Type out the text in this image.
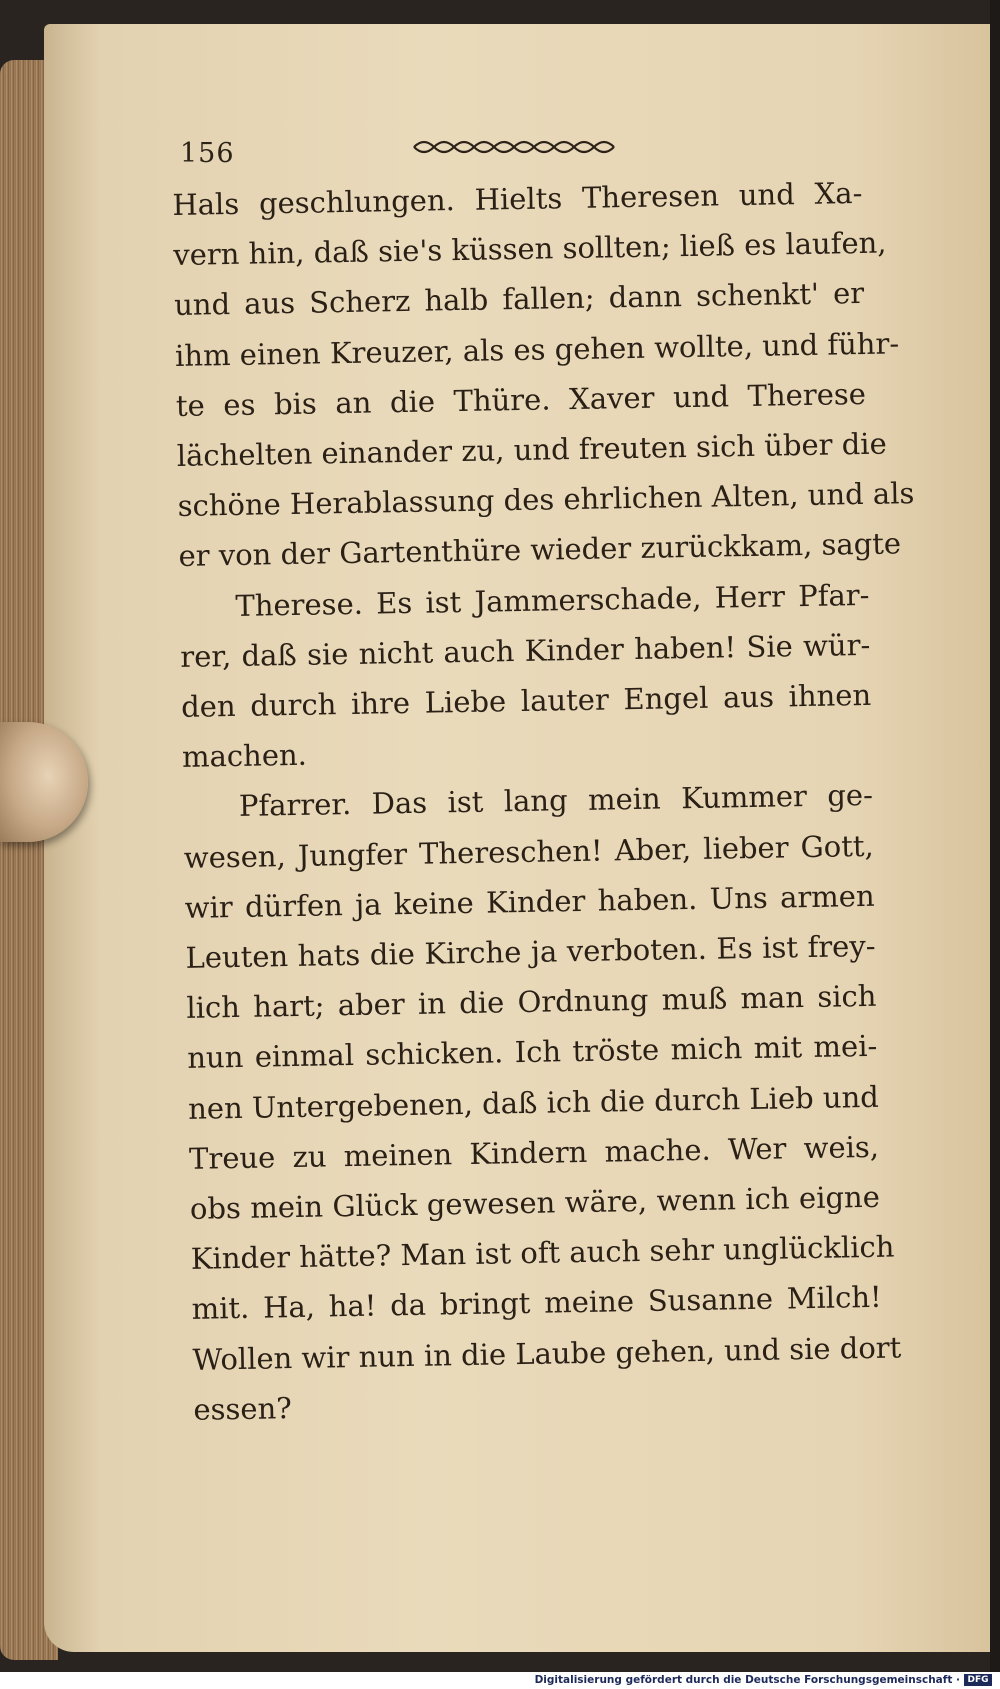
156
Hals geschlungen. Hielts Theresen und Xa-
vern hin, daß sie's küssen sollten; ließ es laufen,
und aus Scherz halb fallen; dann schenkt' er
ihm einen Kreuzer, als es gehen wollte, und führ-
te es bis an die Thüre. Xaver und Therese
lächelten einander zu, und freuten sich über die
schöne Herablassung des ehrlichen Alten, und als
er von der Gartenthüre wieder zurückkam, sagte
Therese. Es ist Jammerschade, Herr Pfar-
rer, daß sie nicht auch Kinder haben! Sie wür-
den durch ihre Liebe lauter Engel aus ihnen
machen.
Pfarrer. Das ist lang mein Kummer ge-
wesen, Jungfer Thereschen! Aber, lieber Gott,
wir dürfen ja keine Kinder haben. Uns armen
Leuten hats die Kirche ja verboten. Es ist frey-
lich hart; aber in die Ordnung muß man sich
nun einmal schicken. Ich tröste mich mit mei-
nen Untergebenen, daß ich die durch Lieb und
Treue zu meinen Kindern mache. Wer weis,
obs mein Glück gewesen wäre, wenn ich eigne
Kinder hätte? Man ist oft auch sehr unglücklich
mit. Ha, ha! da bringt meine Susanne Milch!
Wollen wir nun in die Laube gehen, und sie dort
essen?
Digitalisierung gefördert durch die Deutsche Forschungsgemeinschaft · DFG
